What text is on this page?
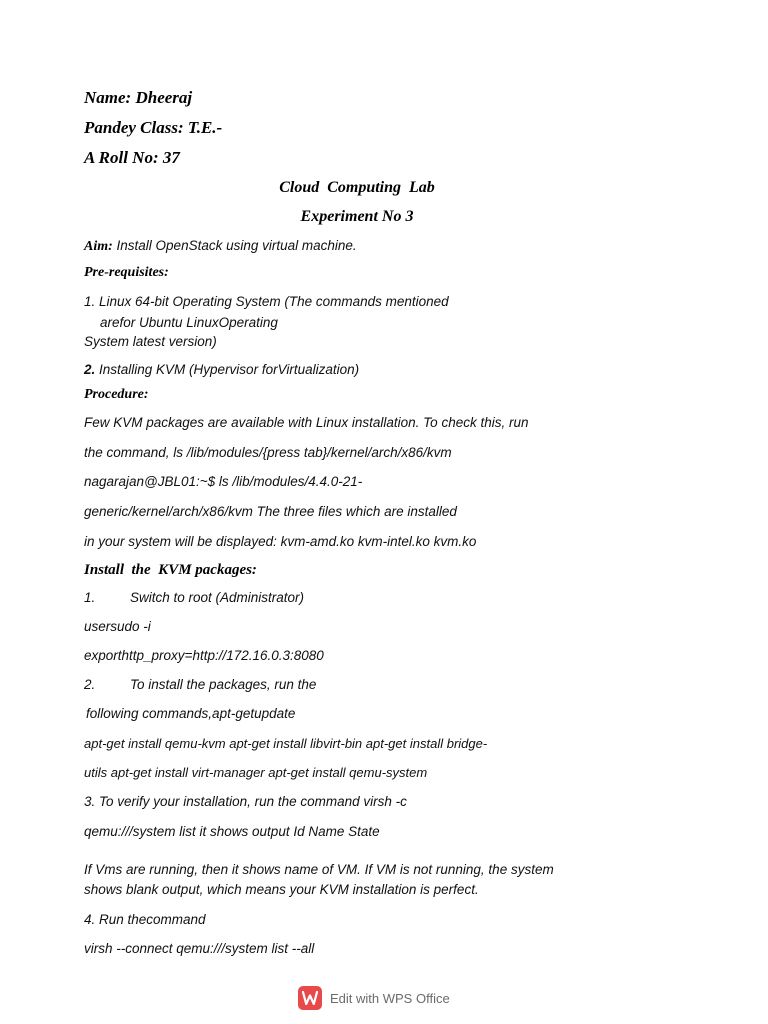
Name: Dheeraj
Pandey Class: T.E.-
A Roll No: 37
Cloud  Computing  Lab
Experiment No 3
Aim: Install OpenStack using virtual machine.
Pre-requisites:
1. Linux 64-bit Operating System (The commands mentioned
arefor Ubuntu LinuxOperating
System latest version)
2. Installing KVM (Hypervisor forVirtualization)
Procedure:
Few KVM packages are available with Linux installation. To check this, run
the command, ls /lib/modules/{press tab}/kernel/arch/x86/kvm
nagarajan@JBL01:~$ ls /lib/modules/4.4.0-21-
generic/kernel/arch/x86/kvm The three files which are installed
in your system will be displayed: kvm-amd.ko kvm-intel.ko kvm.ko
Install  the  KVM packages:
1.	Switch to root (Administrator)
usersudo -i
exporthttp_proxy=http://172.16.0.3:8080
2.	To install the packages, run the
following commands,apt-getupdate
apt-get install qemu-kvm apt-get install libvirt-bin apt-get install bridge-
utils apt-get install virt-manager apt-get install qemu-system
3. To verify your installation, run the command virsh -c
qemu:///system list it shows output Id Name State
If Vms are running, then it shows name of VM. If VM is not running, the system
shows blank output, which means your KVM installation is perfect.
4. Run thecommand
virsh --connect qemu:///system list --all
Edit with WPS Office
